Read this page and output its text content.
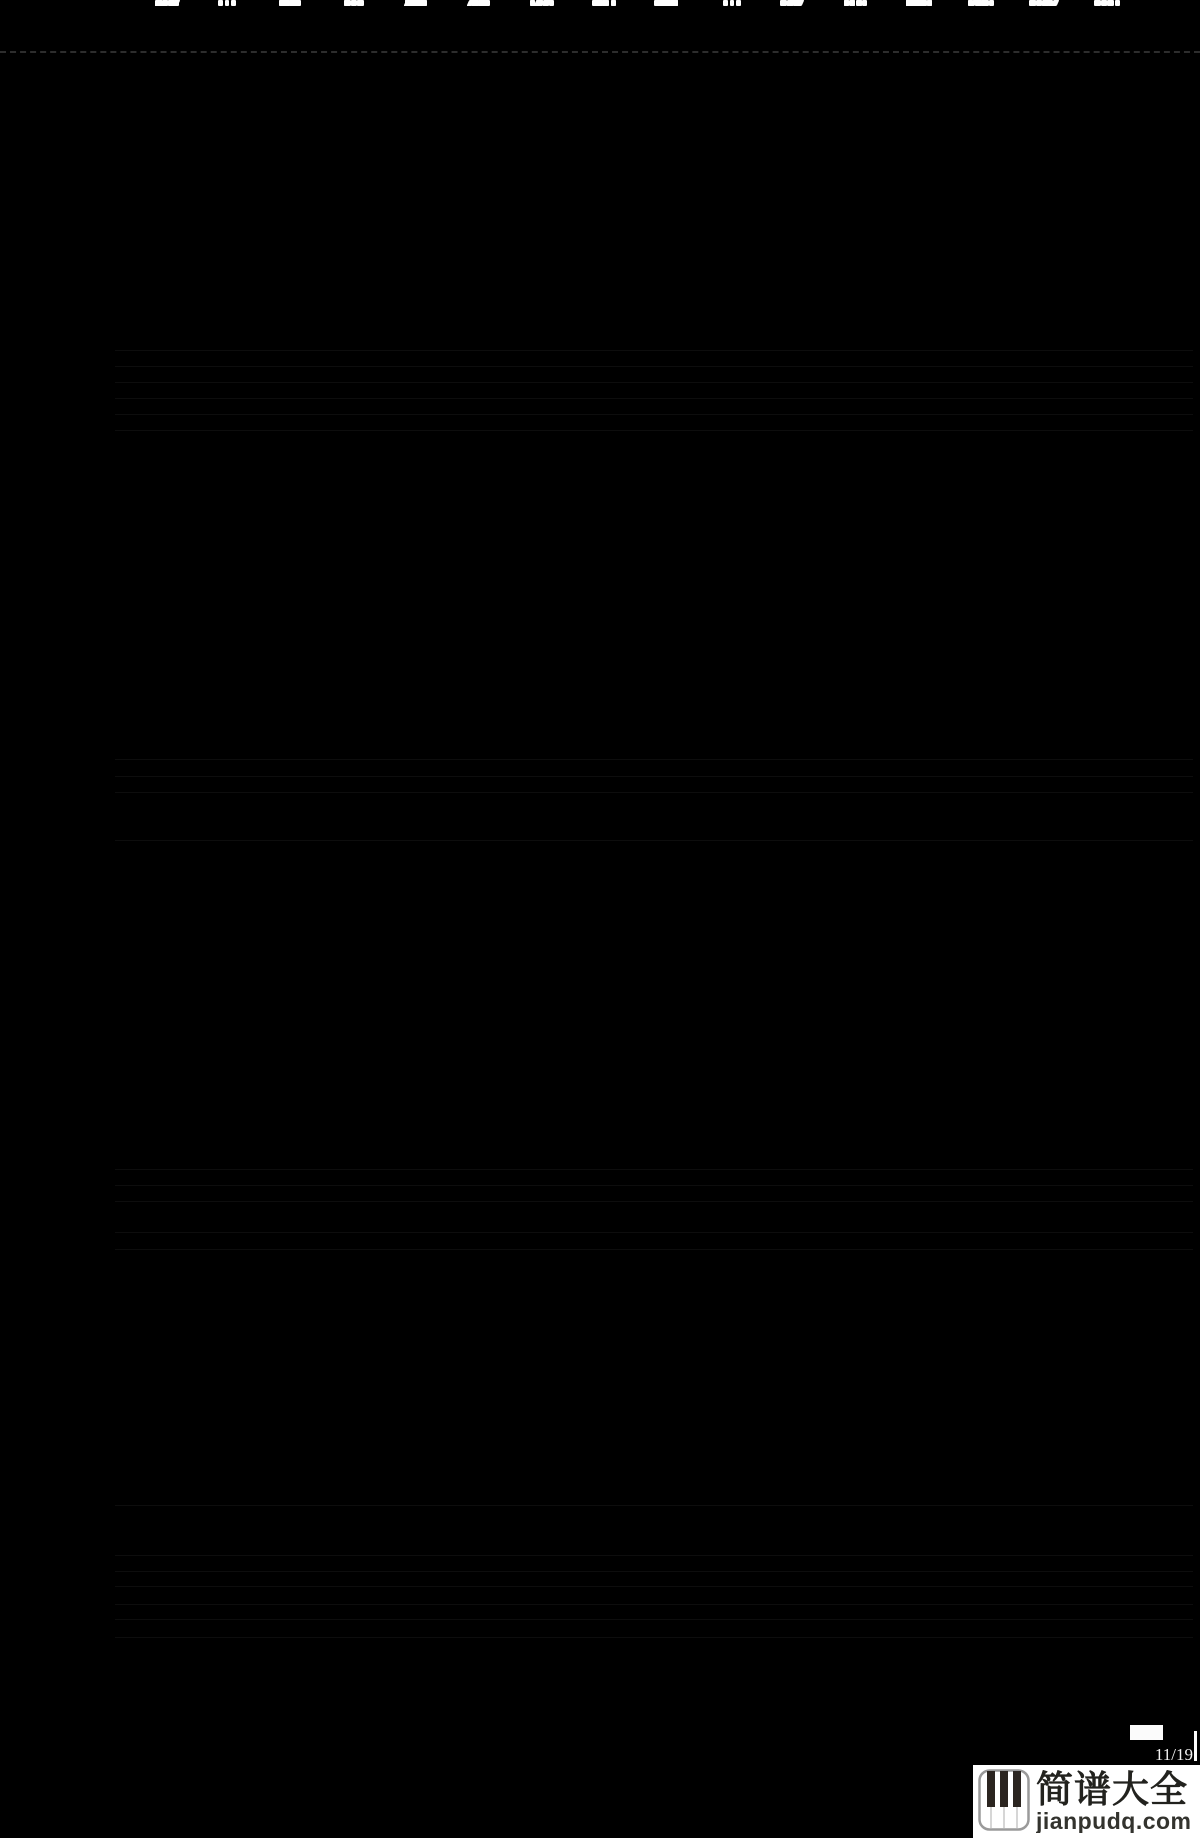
11/19
简谱大全
jianpudq.com
